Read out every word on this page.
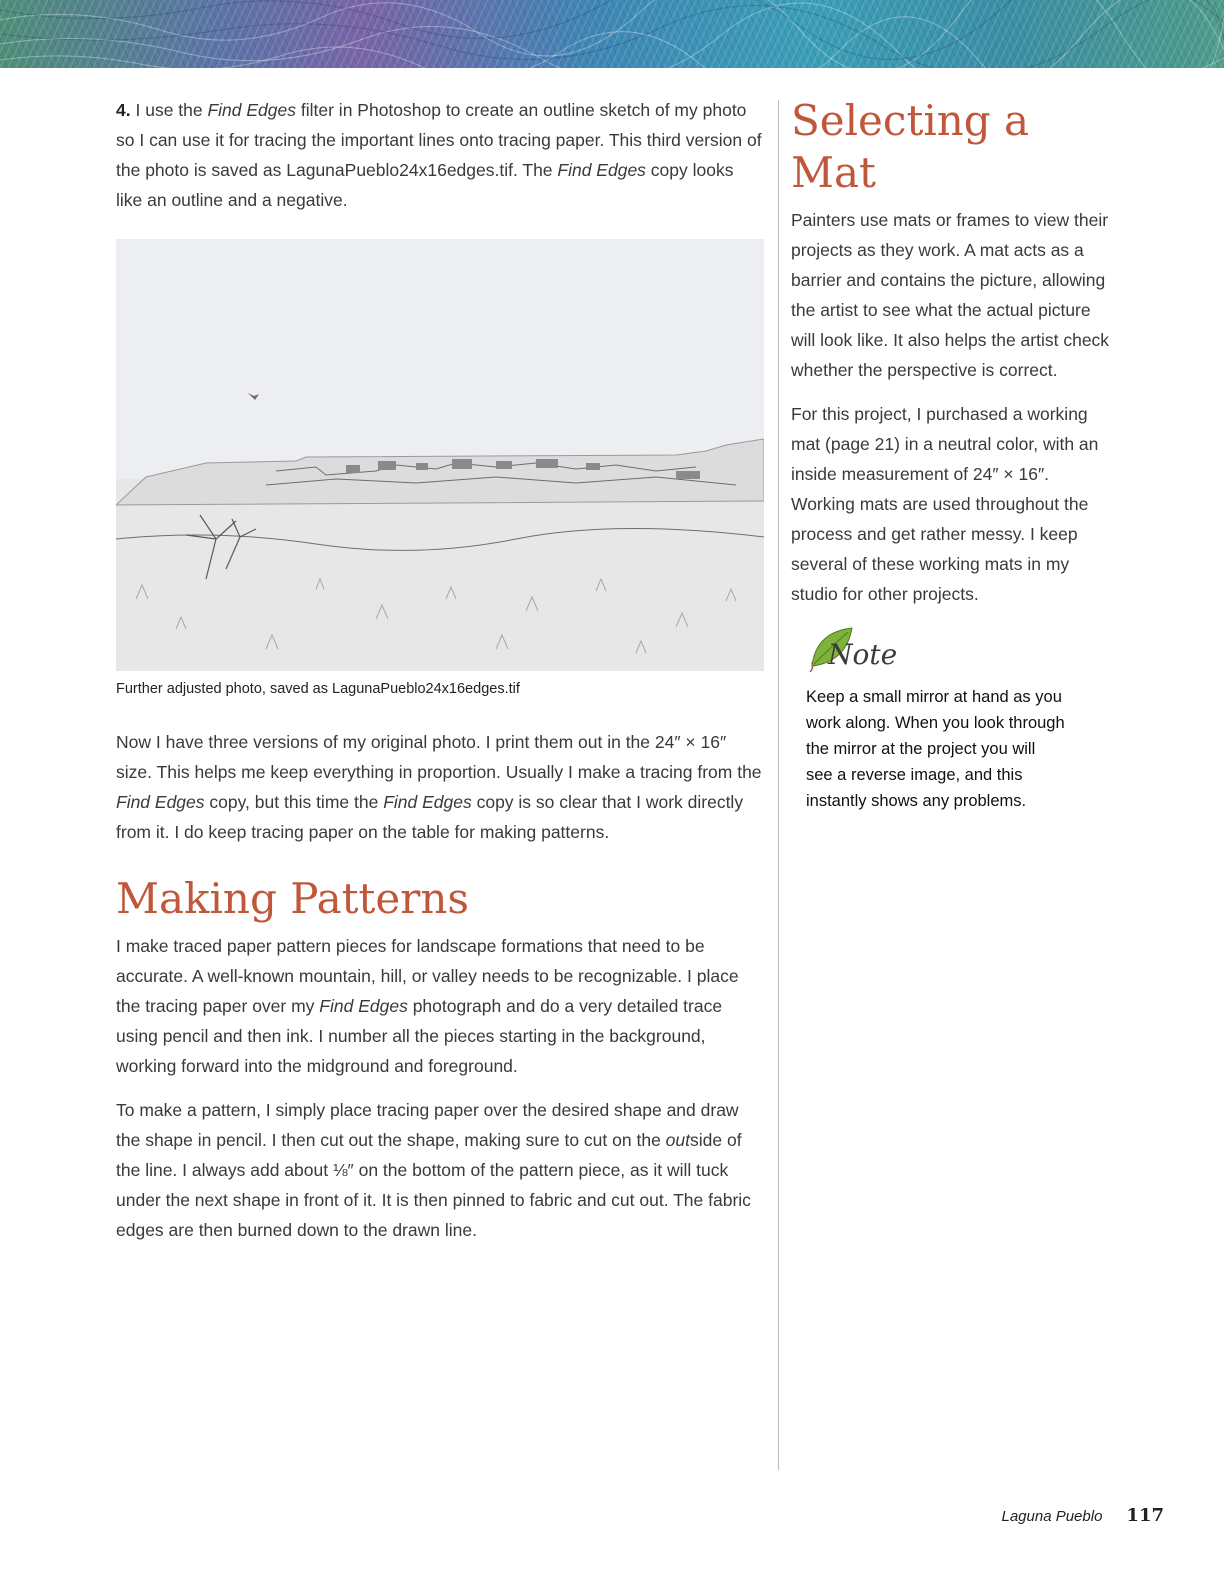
4. I use the Find Edges filter in Photoshop to create an outline sketch of my photo so I can use it for tracing the important lines onto tracing paper. This third version of the photo is saved as LagunaPueblo24x16edges.tif. The Find Edges copy looks like an outline and a negative.

Further adjusted photo, saved as LagunaPueblo24x16edges.tif

Now I have three versions of my original photo. I print them out in the 24″ × 16″ size. This helps me keep everything in proportion. Usually I make a tracing from the Find Edges copy, but this time the Find Edges copy is so clear that I work directly from it. I do keep tracing paper on the table for making patterns.

Making Patterns

I make traced paper pattern pieces for landscape formations that need to be accurate. A well-known mountain, hill, or valley needs to be recognizable. I place the tracing paper over my Find Edges photograph and do a very detailed trace using pencil and then ink. I number all the pieces starting in the background, working forward into the midground and foreground.

To make a pattern, I simply place tracing paper over the desired shape and draw the shape in pencil. I then cut out the shape, making sure to cut on the outside of the line. I always add about ⅛″ on the bottom of the pattern piece, as it will tuck under the next shape in front of it. It is then pinned to fabric and cut out. The fabric edges are then burned down to the drawn line.

Selecting a Mat

Painters use mats or frames to view their projects as they work. A mat acts as a barrier and contains the picture, allowing the artist to see what the actual picture will look like. It also helps the artist check whether the perspective is correct.

For this project, I purchased a working mat (page 21) in a neutral color, with an inside measurement of 24″ × 16″. Working mats are used throughout the process and get rather messy. I keep several of these working mats in my studio for other projects.

Note

Keep a small mirror at hand as you work along. When you look through the mirror at the project you will see a reverse image, and this instantly shows any problems.

Laguna Pueblo 117
